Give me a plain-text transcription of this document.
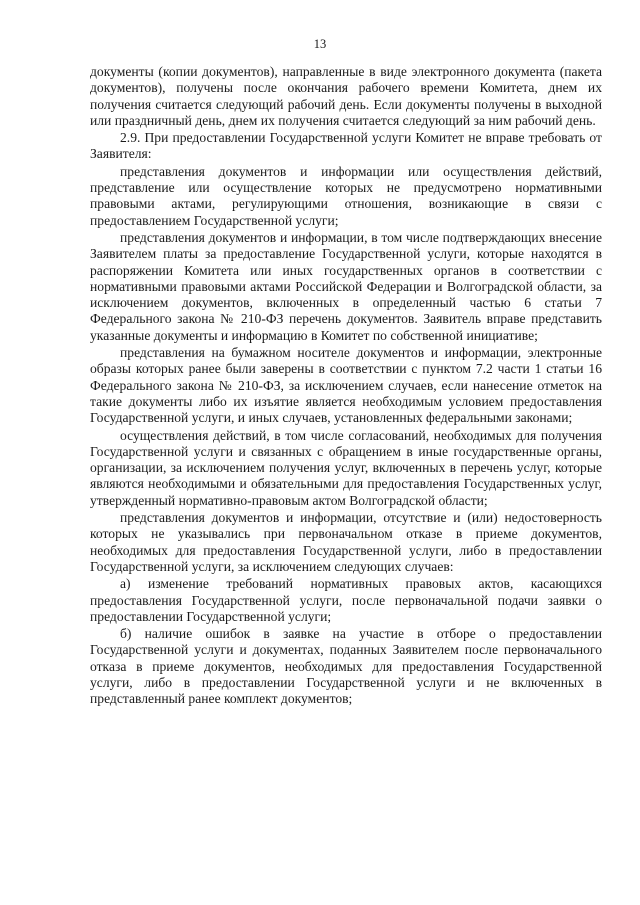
13

документы (копии документов), направленные в виде электронного документа (пакета документов), получены после окончания рабочего времени Комитета, днем их получения считается следующий рабочий день. Если документы получены в выходной или праздничный день, днем их получения считается следующий за ним рабочий день.

2.9. При предоставлении Государственной услуги Комитет не вправе требовать от Заявителя:

представления документов и информации или осуществления действий, представление или осуществление которых не предусмотрено нормативными правовыми актами, регулирующими отношения, возникающие в связи с предоставлением Государственной услуги;

представления документов и информации, в том числе подтверждающих внесение Заявителем платы за предоставление Государственной услуги, которые находятся в распоряжении Комитета или иных государственных органов в соответствии с нормативными правовыми актами Российской Федерации и Волгоградской области, за исключением документов, включенных в определенный частью 6 статьи 7 Федерального закона № 210-ФЗ перечень документов. Заявитель вправе представить указанные документы и информацию в Комитет по собственной инициативе;

представления на бумажном носителе документов и информации, электронные образы которых ранее были заверены в соответствии с пунктом 7.2 части 1 статьи 16 Федерального закона № 210-ФЗ, за исключением случаев, если нанесение отметок на такие документы либо их изъятие является необходимым условием предоставления Государственной услуги, и иных случаев, установленных федеральными законами;

осуществления действий, в том числе согласований, необходимых для получения Государственной услуги и связанных с обращением в иные государственные органы, организации, за исключением получения услуг, включенных в перечень услуг, которые являются необходимыми и обязательными для предоставления Государственных услуг, утвержденный нормативно-правовым актом Волгоградской области;

представления документов и информации, отсутствие и (или) недостоверность которых не указывались при первоначальном отказе в приеме документов, необходимых для предоставления Государственной услуги, либо в предоставлении Государственной услуги, за исключением следующих случаев:

а) изменение требований нормативных правовых актов, касающихся предоставления Государственной услуги, после первоначальной подачи заявки о предоставлении Государственной услуги;

б) наличие ошибок в заявке на участие в отборе о предоставлении Государственной услуги и документах, поданных Заявителем после первоначального отказа в приеме документов, необходимых для предоставления Государственной услуги, либо в предоставлении Государственной услуги и не включенных в представленный ранее комплект документов;
